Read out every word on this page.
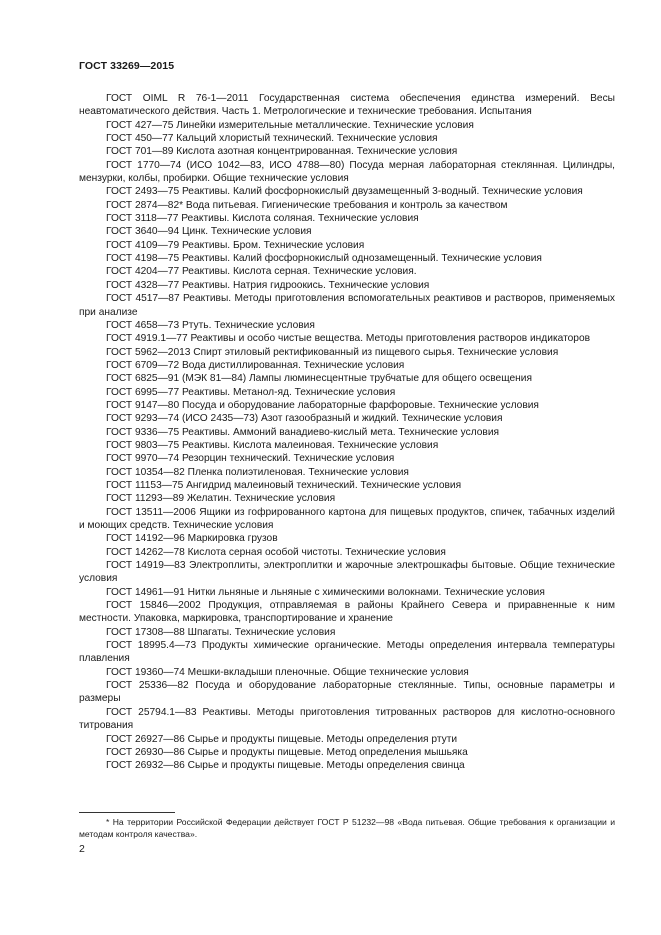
ГОСТ 33269—2015
ГОСТ OIML R 76-1—2011 Государственная система обеспечения единства измерений. Весы неавтоматического действия. Часть 1. Метрологические и технические требования. Испытания
ГОСТ 427—75 Линейки измерительные металлические. Технические условия
ГОСТ 450—77 Кальций хлористый технический. Технические условия
ГОСТ 701—89 Кислота азотная концентрированная. Технические условия
ГОСТ 1770—74 (ИСО 1042—83, ИСО 4788—80) Посуда мерная лабораторная стеклянная. Цилиндры, мензурки, колбы, пробирки. Общие технические условия
ГОСТ 2493—75 Реактивы. Калий фосфорнокислый двузамещенный 3-водный. Технические условия
ГОСТ 2874—82* Вода питьевая. Гигиенические требования и контроль за качеством
ГОСТ 3118—77 Реактивы. Кислота соляная. Технические условия
ГОСТ 3640—94 Цинк. Технические условия
ГОСТ 4109—79 Реактивы. Бром. Технические условия
ГОСТ 4198—75 Реактивы. Калий фосфорнокислый однозамещенный. Технические условия
ГОСТ 4204—77 Реактивы. Кислота серная. Технические условия.
ГОСТ 4328—77 Реактивы. Натрия гидроокись. Технические условия
ГОСТ 4517—87 Реактивы. Методы приготовления вспомогательных реактивов и растворов, применяемых при анализе
ГОСТ 4658—73 Ртуть. Технические условия
ГОСТ 4919.1—77 Реактивы и особо чистые вещества. Методы приготовления растворов индикаторов
ГОСТ 5962—2013 Спирт этиловый ректификованный из пищевого сырья. Технические условия
ГОСТ 6709—72 Вода дистиллированная. Технические условия
ГОСТ 6825—91 (МЭК 81—84) Лампы люминесцентные трубчатые для общего освещения
ГОСТ 6995—77 Реактивы. Метанол-яд. Технические условия
ГОСТ 9147—80 Посуда и оборудование лабораторные фарфоровые. Технические условия
ГОСТ 9293—74 (ИСО 2435—73) Азот газообразный и жидкий. Технические условия
ГОСТ 9336—75 Реактивы. Аммоний ванадиево-кислый мета. Технические условия
ГОСТ 9803—75 Реактивы. Кислота малеиновая. Технические условия
ГОСТ 9970—74 Резорцин технический. Технические условия
ГОСТ 10354—82 Пленка полиэтиленовая. Технические условия
ГОСТ 11153—75 Ангидрид малеиновый технический. Технические условия
ГОСТ 11293—89 Желатин. Технические условия
ГОСТ 13511—2006 Ящики из гофрированного картона для пищевых продуктов, спичек, табачных изделий и моющих средств. Технические условия
ГОСТ 14192—96 Маркировка грузов
ГОСТ 14262—78 Кислота серная особой чистоты. Технические условия
ГОСТ 14919—83 Электроплиты, электроплитки и жарочные электрошкафы бытовые. Общие технические условия
ГОСТ 14961—91 Нитки льняные и льняные с химическими волокнами. Технические условия
ГОСТ 15846—2002 Продукция, отправляемая в районы Крайнего Севера и приравненные к ним местности. Упаковка, маркировка, транспортирование и хранение
ГОСТ 17308—88 Шпагаты. Технические условия
ГОСТ 18995.4—73 Продукты химические органические. Методы определения интервала температуры плавления
ГОСТ 19360—74 Мешки-вкладыши пленочные. Общие технические условия
ГОСТ 25336—82 Посуда и оборудование лабораторные стеклянные. Типы, основные параметры и размеры
ГОСТ 25794.1—83 Реактивы. Методы приготовления титрованных растворов для кислотно-основного титрования
ГОСТ 26927—86 Сырье и продукты пищевые. Методы определения ртути
ГОСТ 26930—86 Сырье и продукты пищевые. Метод определения мышьяка
ГОСТ 26932—86 Сырье и продукты пищевые. Методы определения свинца
* На территории Российской Федерации действует ГОСТ Р 51232—98 «Вода питьевая. Общие требования к организации и методам контроля качества».
2
